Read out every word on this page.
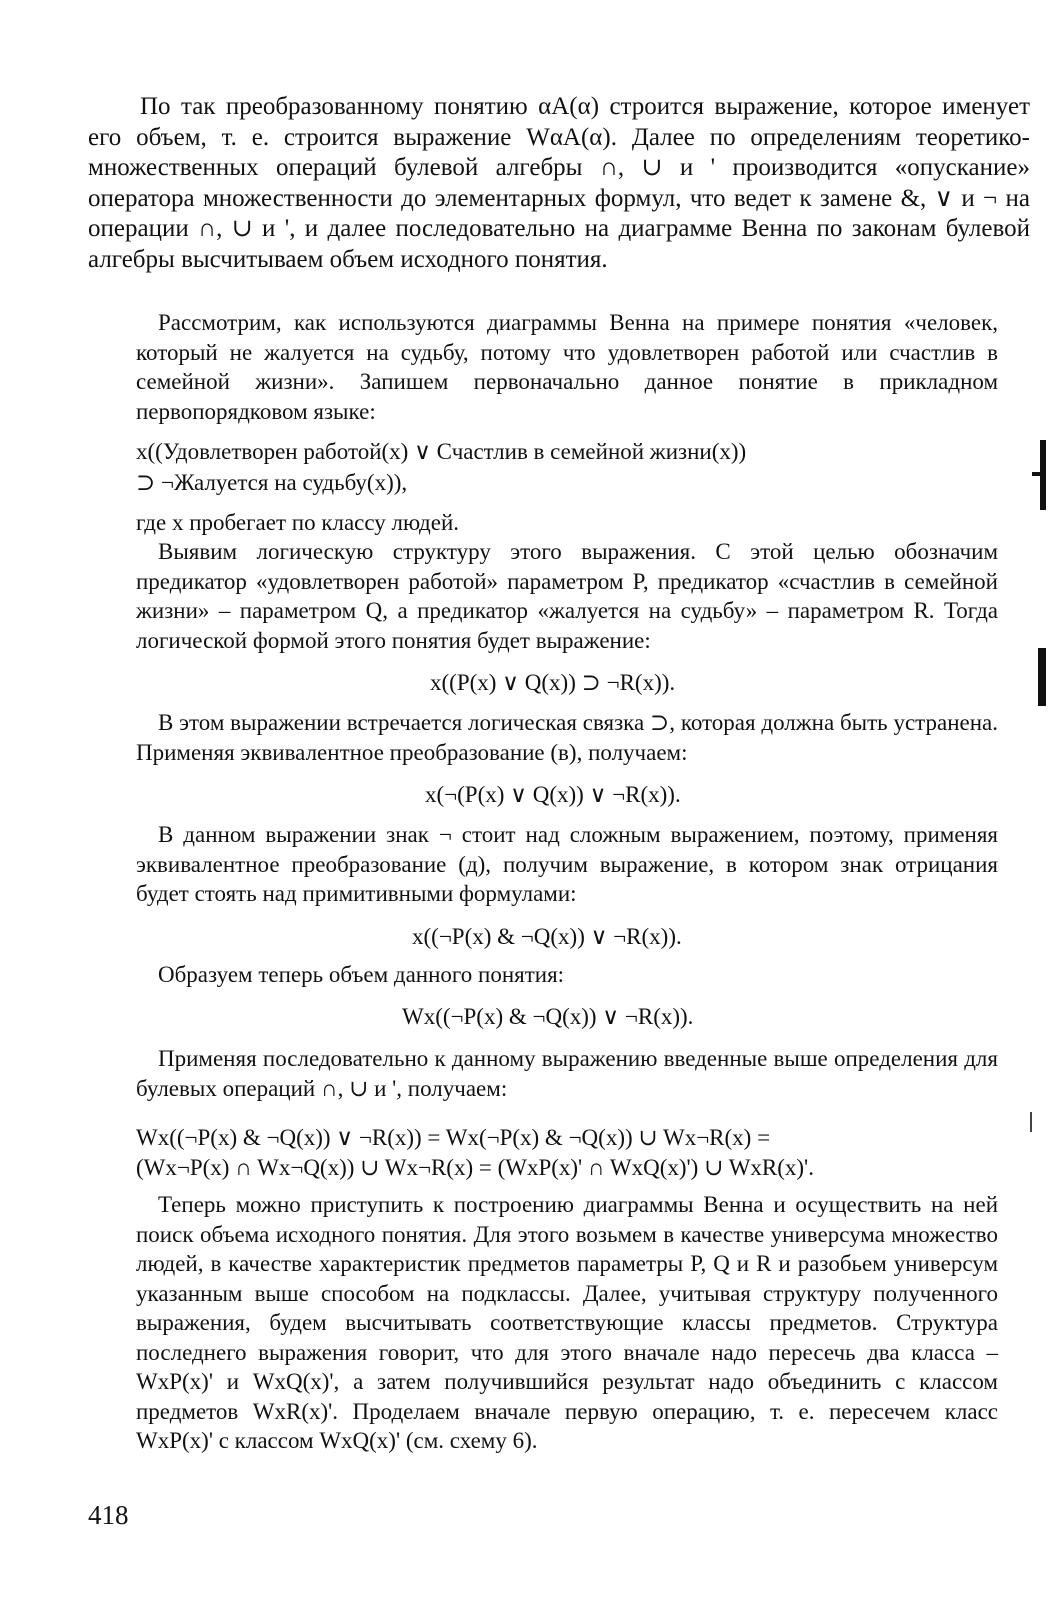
По так преобразованному понятию αA(α) строится выражение, которое именует его объем, т. е. строится выражение WαA(α). Далее по определениям теоретико-множественных операций булевой алгебры ∩, ∪ и ' производится «опускание» оператора множественности до элементарных формул, что ведет к замене &, ∨ и ¬ на операции ∩, ∪ и ', и далее последовательно на диаграмме Венна по законам булевой алгебры высчитываем объем исходного понятия.

Рассмотрим, как используются диаграммы Венна на примере понятия «человек, который не жалуется на судьбу, потому что удовлетворен работой или счастлив в семейной жизни». Запишем первоначально данное понятие в прикладном первопорядковом языке:

x((Удовлетворен работой(x) ∨ Счастлив в семейной жизни(x))
⊃ ¬Жалуется на судьбу(x)),

где x пробегает по классу людей.

Выявим логическую структуру этого выражения. С этой целью обозначим предикатор «удовлетворен работой» параметром P, предикатор «счастлив в семейной жизни» – параметром Q, а предикатор «жалуется на судьбу» – параметром R. Тогда логической формой этого понятия будет выражение:

x((P(x) ∨ Q(x)) ⊃ ¬R(x)).

В этом выражении встречается логическая связка ⊃, которая должна быть устранена. Применяя эквивалентное преобразование (в), получаем:

x(¬(P(x) ∨ Q(x)) ∨ ¬R(x)).

В данном выражении знак ¬ стоит над сложным выражением, поэтому, применяя эквивалентное преобразование (д), получим выражение, в котором знак отрицания будет стоять над примитивными формулами:

x((¬P(x) & ¬Q(x)) ∨ ¬R(x)).

Образуем теперь объем данного понятия:

Wx((¬P(x) & ¬Q(x)) ∨ ¬R(x)).

Применяя последовательно к данному выражению введенные выше определения для булевых операций ∩, ∪ и ', получаем:

Wx((¬P(x) & ¬Q(x)) ∨ ¬R(x)) = Wx(¬P(x) & ¬Q(x)) ∪ Wx¬R(x) =
(Wx¬P(x) ∩ Wx¬Q(x)) ∪ Wx¬R(x) = (WxP(x)' ∩ WxQ(x)') ∪ WxR(x)'.

Теперь можно приступить к построению диаграммы Венна и осуществить на ней поиск объема исходного понятия. Для этого возьмем в качестве универсума множество людей, в качестве характеристик предметов параметры P, Q и R и разобьем универсум указанным выше способом на подклассы. Далее, учитывая структуру полученного выражения, будем высчитывать соответствующие классы предметов. Структура последнего выражения говорит, что для этого вначале надо пересечь два класса – WxP(x)' и WxQ(x)', а затем получившийся результат надо объединить с классом предметов WxR(x)'. Проделаем вначале первую операцию, т. е. пересечем класс WxP(x)' с классом WxQ(x)' (см. схему 6).

418
